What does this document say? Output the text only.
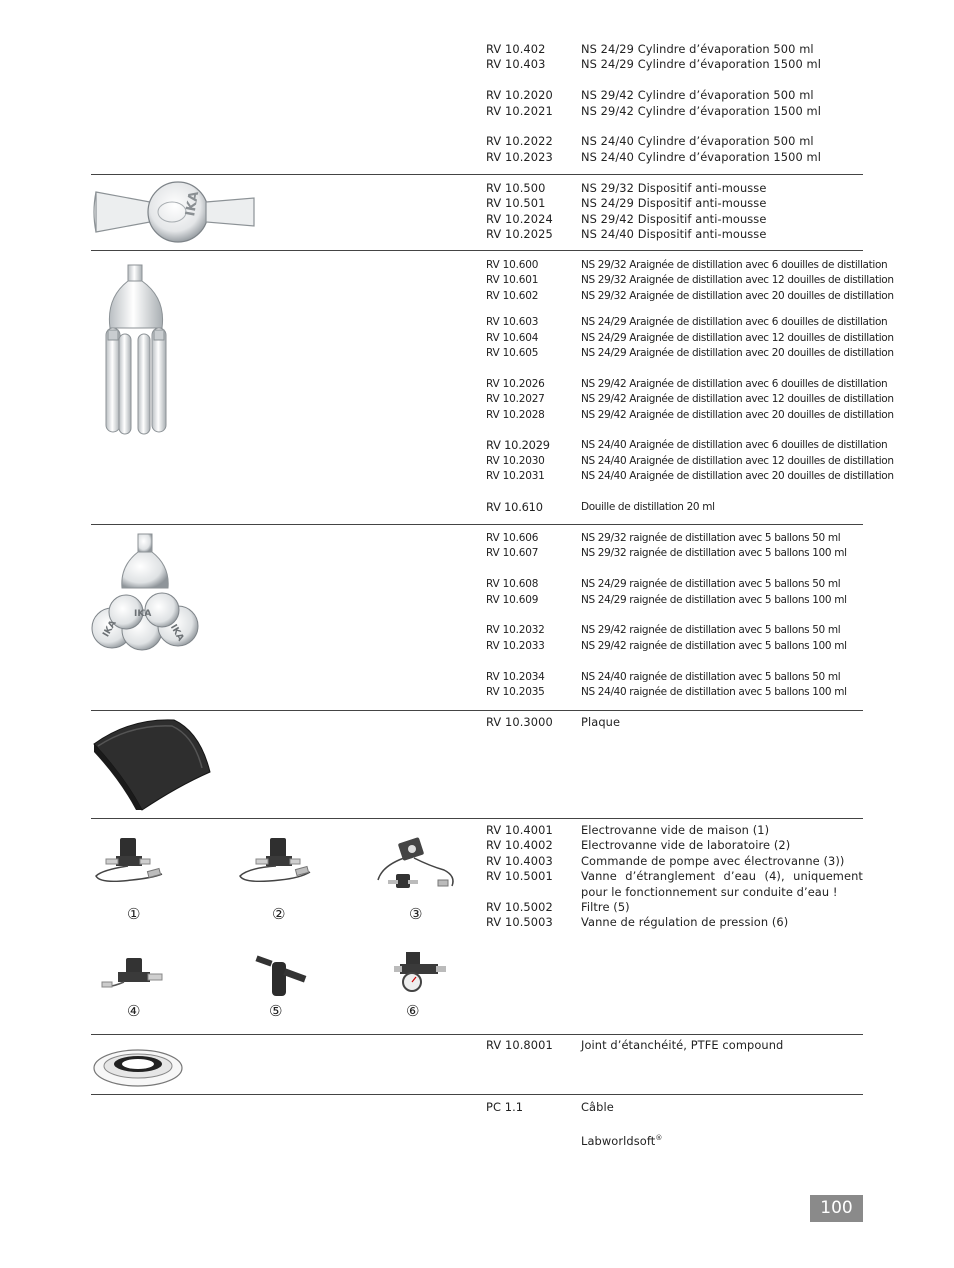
RV 10.402	NS 24/29 Cylindre d’évaporation 500 ml
RV 10.403	NS 24/29 Cylindre d’évaporation 1500 ml
RV 10.2020 NS 29/42 Cylindre d’évaporation 500 ml
RV 10.2021 NS 29/42 Cylindre d’évaporation 1500 ml
RV 10.2022 NS 24/40 Cylindre d’évaporation 500 ml
RV 10.2023 NS 24/40 Cylindre d’évaporation 1500 ml
IKA
RV 10.500	NS 29/32 Dispositif anti-mousse
RV 10.501	NS 24/29 Dispositif anti-mousse
RV 10.2024 NS 29/42 Dispositif anti-mousse
RV 10.2025 NS 24/40 Dispositif anti-mousse
RV 10.600	NS 29/32 Araignée de distillation avec 6 douilles de distillation
RV 10.601	NS 29/32 Araignée de distillation avec 12 douilles de distillation
RV 10.602	NS 29/32 Araignée de distillation avec 20 douilles de distillation
RV 10.603	NS 24/29 Araignée de distillation avec 6 douilles de distillation
RV 10.604	NS 24/29 Araignée de distillation avec 12 douilles de distillation
RV 10.605	NS 24/29 Araignée de distillation avec 20 douilles de distillation
RV 10.2026	NS 29/42 Araignée de distillation avec 6 douilles de distillation
RV 10.2027	NS 29/42 Araignée de distillation avec 12 douilles de distillation
RV 10.2028	NS 29/42 Araignée de distillation avec 20 douilles de distillation
RV 10.2029	NS 24/40 Araignée de distillation avec 6 douilles de distillation
RV 10.2030	NS 24/40 Araignée de distillation avec 12 douilles de distillation
RV 10.2031	NS 24/40 Araignée de distillation avec 20 douilles de distillation
RV 10.610	Douille de distillation 20 ml
IKA
IKA
IKA
RV 10.606	NS 29/32 raignée de distillation avec 5 ballons 50 ml
RV 10.607	NS 29/32 raignée de distillation avec 5 ballons 100 ml
RV 10.608	NS 24/29 raignée de distillation avec 5 ballons 50 ml
RV 10.609	NS 24/29 raignée de distillation avec 5 ballons 100 ml
RV 10.2032	NS 29/42 raignée de distillation avec 5 ballons 50 ml
RV 10.2033	NS 29/42 raignée de distillation avec 5 ballons 100 ml
RV 10.2034	NS 24/40 raignée de distillation avec 5 ballons 50 ml
RV 10.2035	NS 24/40 raignée de distillation avec 5 ballons 100 ml
RV 10.3000 Plaque
①	②	③
④	⑤	⑥
RV 10.4001 Electrovanne vide de maison (1)
RV 10.4002 Electrovanne vide de laboratoire (2)
RV 10.4003 Commande de pompe avec électrovanne (3))
RV 10.5001 Vanne d’étranglement d’eau (4), uniquement pour le fonctionnement sur conduite d’eau !
RV 10.5002 Filtre (5)
RV 10.5003 Vanne de régulation de pression (6)
RV 10.8001 Joint d’étanchéité, PTFE compound
PC 1.1	Câble
Labworldsoft®
100
